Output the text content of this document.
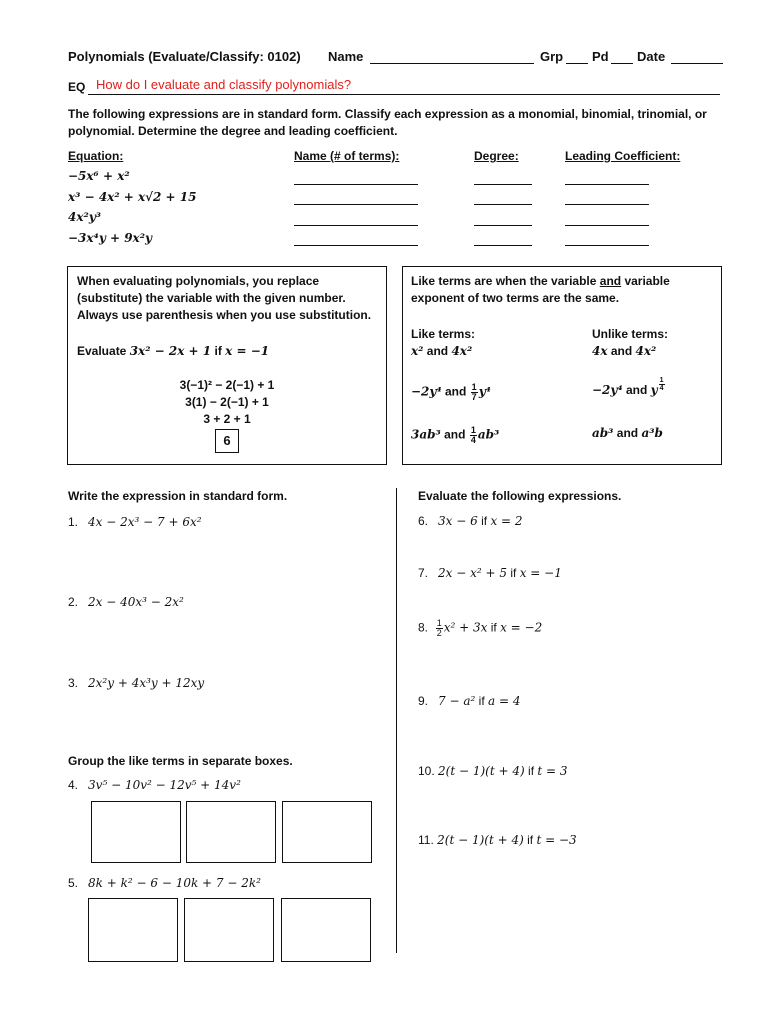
Polynomials (Evaluate/Classify: 0102) Name	Grp Pd Date
EQ How do I evaluate and classify polynomials?
The following expressions are in standard form. Classify each expression as a monomial, binomial, trinomial, or
polynomial. Determine the degree and leading coefficient.
Equation:	Name (# of terms):	Degree:	Leading Coefficient:
−5x⁶ + x²
x³ − 4x² + x√2 + 15
4x²y³
−3x⁴y + 9x²y
When evaluating polynomials, you replace
(substitute) the variable with the given number.
Always use parenthesis when you use substitution.
Evaluate 3x² − 2x + 1 if x = −1
3(−1)² − 2(−1) + 1
3(1) − 2(−1) + 1
3 + 2 + 1
6
Like terms are when the variable and variable
exponent of two terms are the same.
Like terms:	Unlike terms:
x² and 4x²	4x and 4x²
−2y⁴ and $\frac{1}{7} y^4$	−2y⁴ and y $\frac{1}{4}$
3ab³ and $\frac{1}{4} ab^3$	ab³ and a³b
Write the expression in standard form.
1. 4x − 2x³ − 7 + 6x²
2. 2x − 40x³ − 2x²
3. 2x²y + 4x³y + 12xy
Group the like terms in separate boxes.
4. 3v⁵ − 10v² − 12v⁵ + 14v²
5. 8k + k² − 6 − 10k + 7 − 2k²
Evaluate the following expressions.
6. 3x − 6 if x = 2
7. 2x − x² + 5 if x = −1
8. $\frac{1}{2} x^2 + 3x$ if x = −2
9. 7 − a² if a = 4
10. 2(t − 1)(t + 4) if t = 3
11. 2(t − 1)(t + 4) if t = −3
